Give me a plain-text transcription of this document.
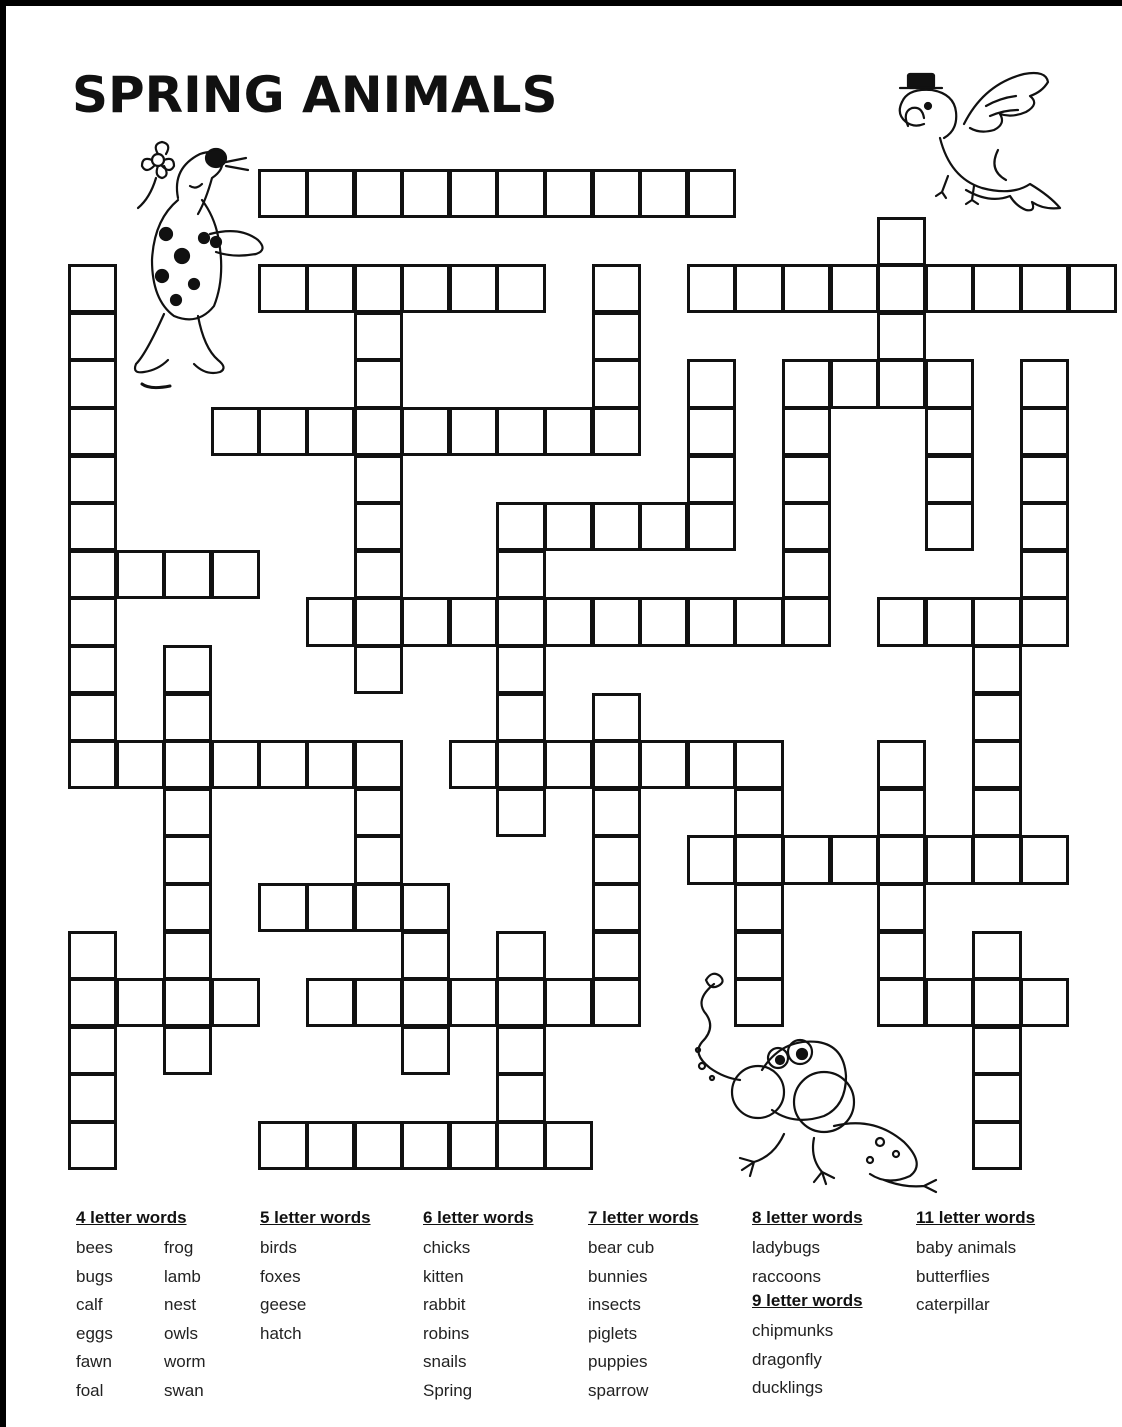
SPRING ANIMALS
4 letter words
bees
bugs
calf
eggs
fawn
foal
frog
lamb
nest
owls
worm
swan
5 letter words
birds
foxes
geese
hatch
6 letter words
chicks
kitten
rabbit
robins
snails
Spring
7 letter words
bear cub
bunnies
insects
piglets
puppies
sparrow
8 letter words
ladybugs
raccoons
9 letter words
chipmunks
dragonfly
ducklings
11 letter words
baby animals
butterflies
caterpillar
